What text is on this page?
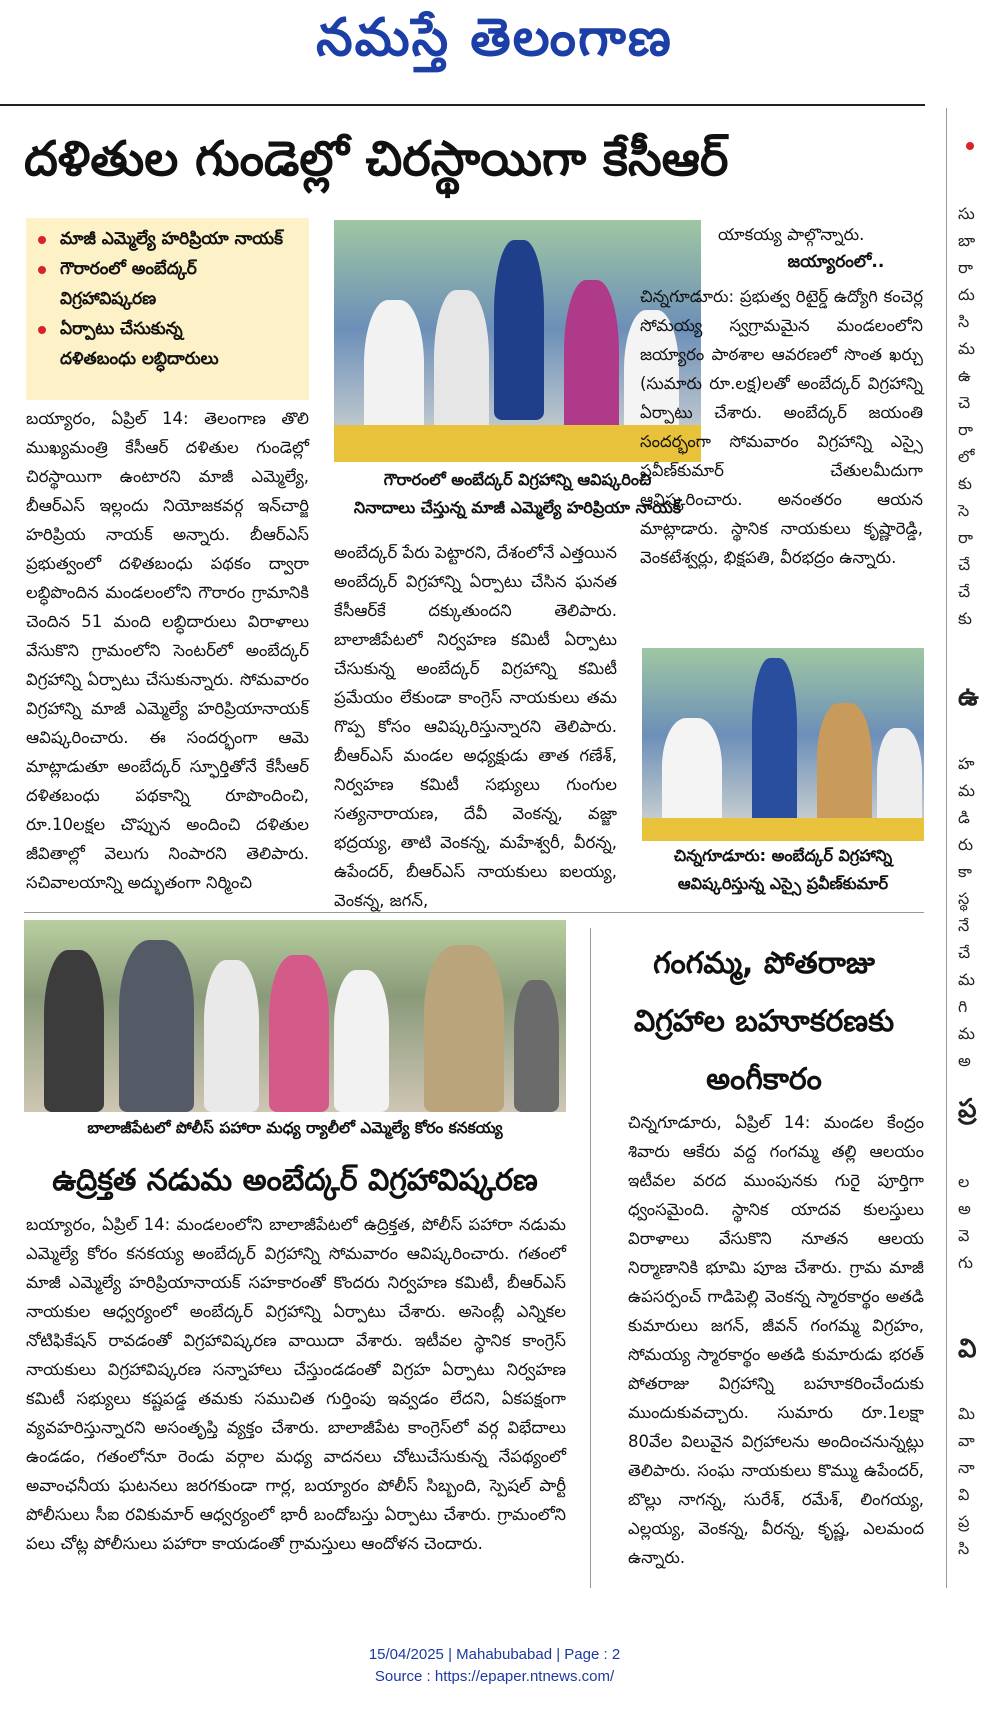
నమస్తే తెలంగాణ
దళితుల గుండెల్లో చిరస్థాయిగా కేసీఆర్
మాజీ ఎమ్మెల్యే హరిప్రియా నాయక్
గౌరారంలో అంబేద్కర్
విగ్రహావిష్కరణ
ఏర్పాటు చేసుకున్న
దళితబంధు లబ్ధిదారులు
బయ్యారం, ఏప్రిల్ 14: తెలంగాణ తొలి ముఖ్యమంత్రి కేసీఆర్ దళితుల గుండెల్లో చిరస్థాయిగా ఉంటారని మాజీ ఎమ్మెల్యే, బీఆర్ఎస్ ఇల్లందు నియోజకవర్గ ఇన్‌చార్జి హరిప్రియ నాయక్ అన్నారు. బీఆర్ఎస్ ప్రభుత్వంలో దళితబంధు పథకం ద్వారా లబ్ధిపొందిన మండలంలోని గౌరారం గ్రామానికి చెందిన 51 మంది లబ్ధిదారులు విరాళాలు వేసుకొని గ్రామంలోని సెంటర్‌లో అంబేద్కర్ విగ్రహాన్ని ఏర్పాటు చేసుకున్నారు. సోమవారం విగ్రహాన్ని మాజీ ఎమ్మెల్యే హరిప్రియానాయక్ ఆవిష్కరించారు. ఈ సందర్భంగా ఆమె మాట్లాడుతూ అంబేద్కర్ స్ఫూర్తితోనే కేసీఆర్ దళితబంధు పథకాన్ని రూపొందించి, రూ.10లక్షల చొప్పున అందించి దళితుల జీవితాల్లో వెలుగు నింపారని తెలిపారు. సచివాలయాన్ని అద్భుతంగా నిర్మించి
గౌరారంలో అంబేద్కర్ విగ్రహాన్ని ఆవిష్కరించి
నినాదాలు చేస్తున్న మాజీ ఎమ్మెల్యే హరిప్రియా నాయక్
అంబేద్కర్ పేరు పెట్టారని, దేశంలోనే ఎత్తయిన అంబేద్కర్ విగ్రహాన్ని ఏర్పాటు చేసిన ఘనత కేసీఆర్‌కే దక్కుతుందని తెలిపారు. బాలాజీపేటలో నిర్వహణ కమిటీ ఏర్పాటు చేసుకున్న అంబేద్కర్ విగ్రహాన్ని కమిటీ ప్రమేయం లేకుండా కాంగ్రెస్ నాయకులు తమ గొప్ప కోసం ఆవిష్కరిస్తున్నారని తెలిపారు. బీఆర్ఎస్ మండల అధ్యక్షుడు తాత గణేశ్, నిర్వహణ కమిటీ సభ్యులు గుంగుల సత్యనారాయణ, దేవీ వెంకన్న, వజ్జా భద్రయ్య, తాటి వెంకన్న, మహేశ్వరీ, వీరన్న, ఉపేందర్, బీఆర్ఎస్ నాయకులు ఐలయ్య, వెంకన్న, జగన్,
యాకయ్య పాల్గొన్నారు.
జయ్యారంలో..
చిన్నగూడూరు: ప్రభుత్వ రిటైర్డ్ ఉద్యోగి కంచెర్ల సోమయ్య స్వగ్రామమైన మండలంలోని జయ్యారం పాఠశాల ఆవరణలో సొంత ఖర్చు (సుమారు రూ.లక్ష)లతో అంబేద్కర్ విగ్రహాన్ని ఏర్పాటు చేశారు. అంబేద్కర్ జయంతి సందర్భంగా సోమవారం విగ్రహాన్ని ఎస్సై ప్రవీణ్‌కుమార్ చేతులమీదుగా ఆవిష్కరించారు. అనంతరం ఆయన మాట్లాడారు. స్థానిక నాయకులు కృష్ణారెడ్డి, వెంకటేశ్వర్లు, భిక్షపతి, వీరభద్రం ఉన్నారు.
చిన్నగూడూరు: అంబేద్కర్ విగ్రహాన్ని
ఆవిష్కరిస్తున్న ఎస్సై ప్రవీణ్‌కుమార్
బాలాజీపేటలో పోలీస్ పహారా మధ్య ర్యాలీలో ఎమ్మెల్యే కోరం కనకయ్య
ఉద్రిక్తత నడుమ అంబేద్కర్ విగ్రహావిష్కరణ
బయ్యారం, ఏప్రిల్ 14: మండలంలోని బాలాజీపేటలో ఉద్రిక్తత, పోలీస్ పహారా నడుమ ఎమ్మెల్యే కోరం కనకయ్య అంబేద్కర్ విగ్రహాన్ని సోమవారం ఆవిష్కరించారు. గతంలో మాజీ ఎమ్మెల్యే హరిప్రియానాయక్ సహకారంతో కొందరు నిర్వహణ కమిటీ, బీఆర్ఎస్ నాయకుల ఆధ్వర్యంలో అంబేద్కర్ విగ్రహాన్ని ఏర్పాటు చేశారు. అసెంబ్లీ ఎన్నికల నోటిఫికేషన్ రావడంతో విగ్రహావిష్కరణ వాయిదా వేశారు. ఇటీవల స్థానిక కాంగ్రెస్ నాయకులు విగ్రహావిష్కరణ సన్నాహాలు చేస్తుండడంతో విగ్రహ ఏర్పాటు నిర్వహణ కమిటీ సభ్యులు కష్టపడ్డ తమకు సముచిత గుర్తింపు ఇవ్వడం లేదని, ఏకపక్షంగా వ్యవహరిస్తున్నారని అసంతృప్తి వ్యక్తం చేశారు. బాలాజీపేట కాంగ్రెస్‌లో వర్గ విభేదాలు ఉండడం, గతంలోనూ రెండు వర్గాల మధ్య వాదనలు చోటుచేసుకున్న నేపథ్యంలో అవాంఛనీయ ఘటనలు జరగకుండా గార్ల, బయ్యారం పోలీస్ సిబ్బంది, స్పెషల్ పార్టీ పోలీసులు సీఐ రవికుమార్ ఆధ్వర్యంలో భారీ బందోబస్తు ఏర్పాటు చేశారు. గ్రామంలోని పలు చోట్ల పోలీసులు పహారా కాయడంతో గ్రామస్తులు ఆందోళన చెందారు.
గంగమ్మ, పోతరాజు
విగ్రహాల బహూకరణకు
అంగీకారం
చిన్నగూడూరు, ఏప్రిల్ 14: మండల కేంద్రం శివారు ఆకేరు వద్ద గంగమ్మ తల్లి ఆలయం ఇటీవల వరద ముంపునకు గురై పూర్తిగా ధ్వంసమైంది. స్థానిక యాదవ కులస్తులు విరాళాలు వేసుకొని నూతన ఆలయ నిర్మాణానికి భూమి పూజ చేశారు. గ్రామ మాజీ ఉపసర్పంచ్ గాడిపెల్లి వెంకన్న స్మారకార్థం అతడి కుమారులు జగన్, జీవన్ గంగమ్మ విగ్రహం, సోమయ్య స్మారకార్థం అతడి కుమారుడు భరత్ పోతరాజు విగ్రహాన్ని బహూకరించేందుకు ముందుకువచ్చారు. సుమారు రూ.1లక్షా 80వేల విలువైన విగ్రహాలను అందించనున్నట్లు తెలిపారు. సంఘ నాయకులు కొమ్ము ఉపేందర్, బొల్లు నాగన్న, సురేశ్, రమేశ్, లింగయ్య, ఎల్లయ్య, వెంకన్న, వీరన్న, కృష్ణ, ఎలమంద ఉన్నారు.
సు
బా
రా
దు
సి
మ
ఉ
చె
రా
లో
కు
సె
రా
చే
చే
కు
ఉ
హ
మ
డి
రు
కా
స్థ
నే
చే
మ
గి
మ
అ
ప్ర
ల
అ
వె
గు
వి
మి
వా
నా
వి
ప్ర
సి
15/04/2025 | Mahabubabad | Page : 2
Source : https://epaper.ntnews.com/
